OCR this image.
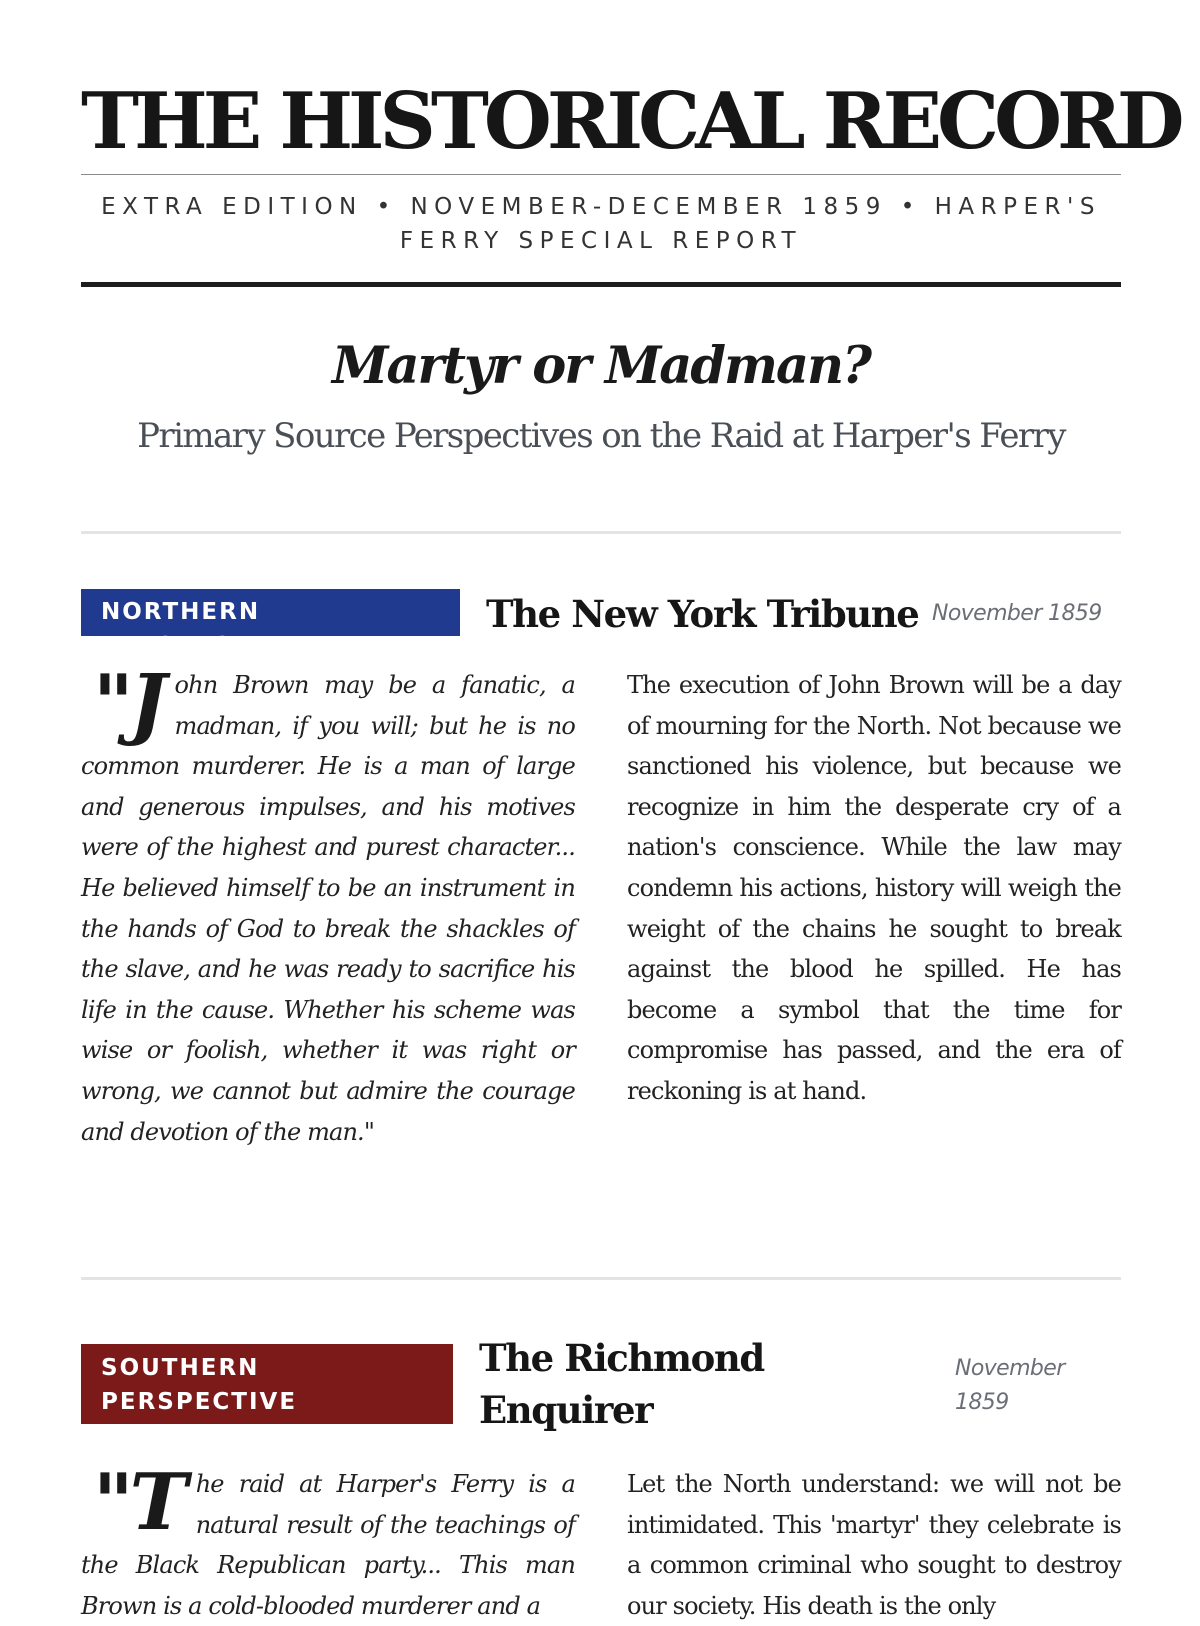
THE HISTORICAL RECORD
EXTRA EDITION • NOVEMBER-DECEMBER 1859 • HARPER'S FERRY SPECIAL REPORT
Martyr or Madman?
Primary Source Perspectives on the Raid at Harper's Ferry
NORTHERN PERSPECTIVE
The New York Tribune November 1859
"John Brown may be a fanatic, a madman, if you will; but he is no common murderer. He is a man of large and generous impulses, and his motives were of the highest and purest character... He believed himself to be an instrument in the hands of God to break the shackles of the slave, and he was ready to sacrifice his life in the cause. Whether his scheme was wise or foolish, whether it was right or wrong, we cannot but admire the courage and devotion of the man."
The execution of John Brown will be a day of mourning for the North. Not because we sanctioned his violence, but because we recognize in him the desperate cry of a nation's conscience. While the law may condemn his actions, history will weigh the weight of the chains he sought to break against the blood he spilled. He has become a symbol that the time for compromise has passed, and the era of reckoning is at hand.
SOUTHERN PERSPECTIVE
The Richmond Enquirer
November 1859
"The raid at Harper's Ferry is a natural result of the teachings of the Black Republican party... This man Brown is a cold-blooded murderer and a
Let the North understand: we will not be intimidated. This 'martyr' they celebrate is a common criminal who sought to destroy our society. His death is the only
